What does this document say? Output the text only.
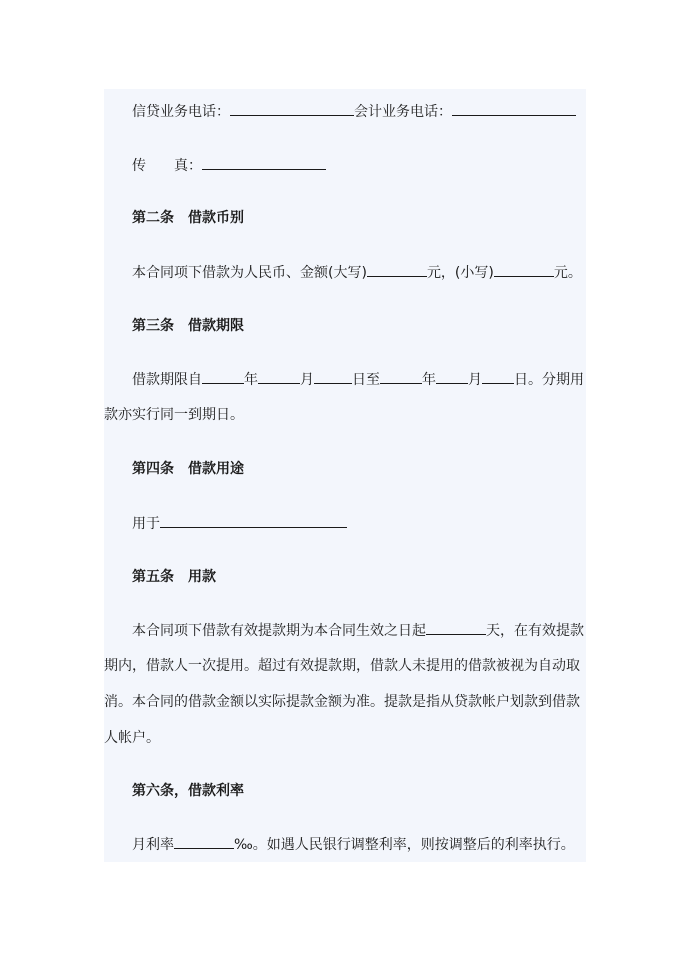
信贷业务电话：	会计业务电话：
传　　真：
第二条　借款币别
本合同项下借款为人民币、金额(大写)	元，(小写)	元。
第三条　借款期限
借款期限自	年	月	日至	年 月 日。分期用
款亦实行同一到期日。
第四条　借款用途
用于
第五条　用款
本合同项下借款有效提款期为本合同生效之日起	天，在有效提款
期内，借款人一次提用。超过有效提款期，借款人未提用的借款被视为自动取
消。本合同的借款金额以实际提款金额为准。提款是指从贷款帐户划款到借款
人帐户。
第六条，借款利率
月利率	‰。如遇人民银行调整利率，则按调整后的利率执行。
